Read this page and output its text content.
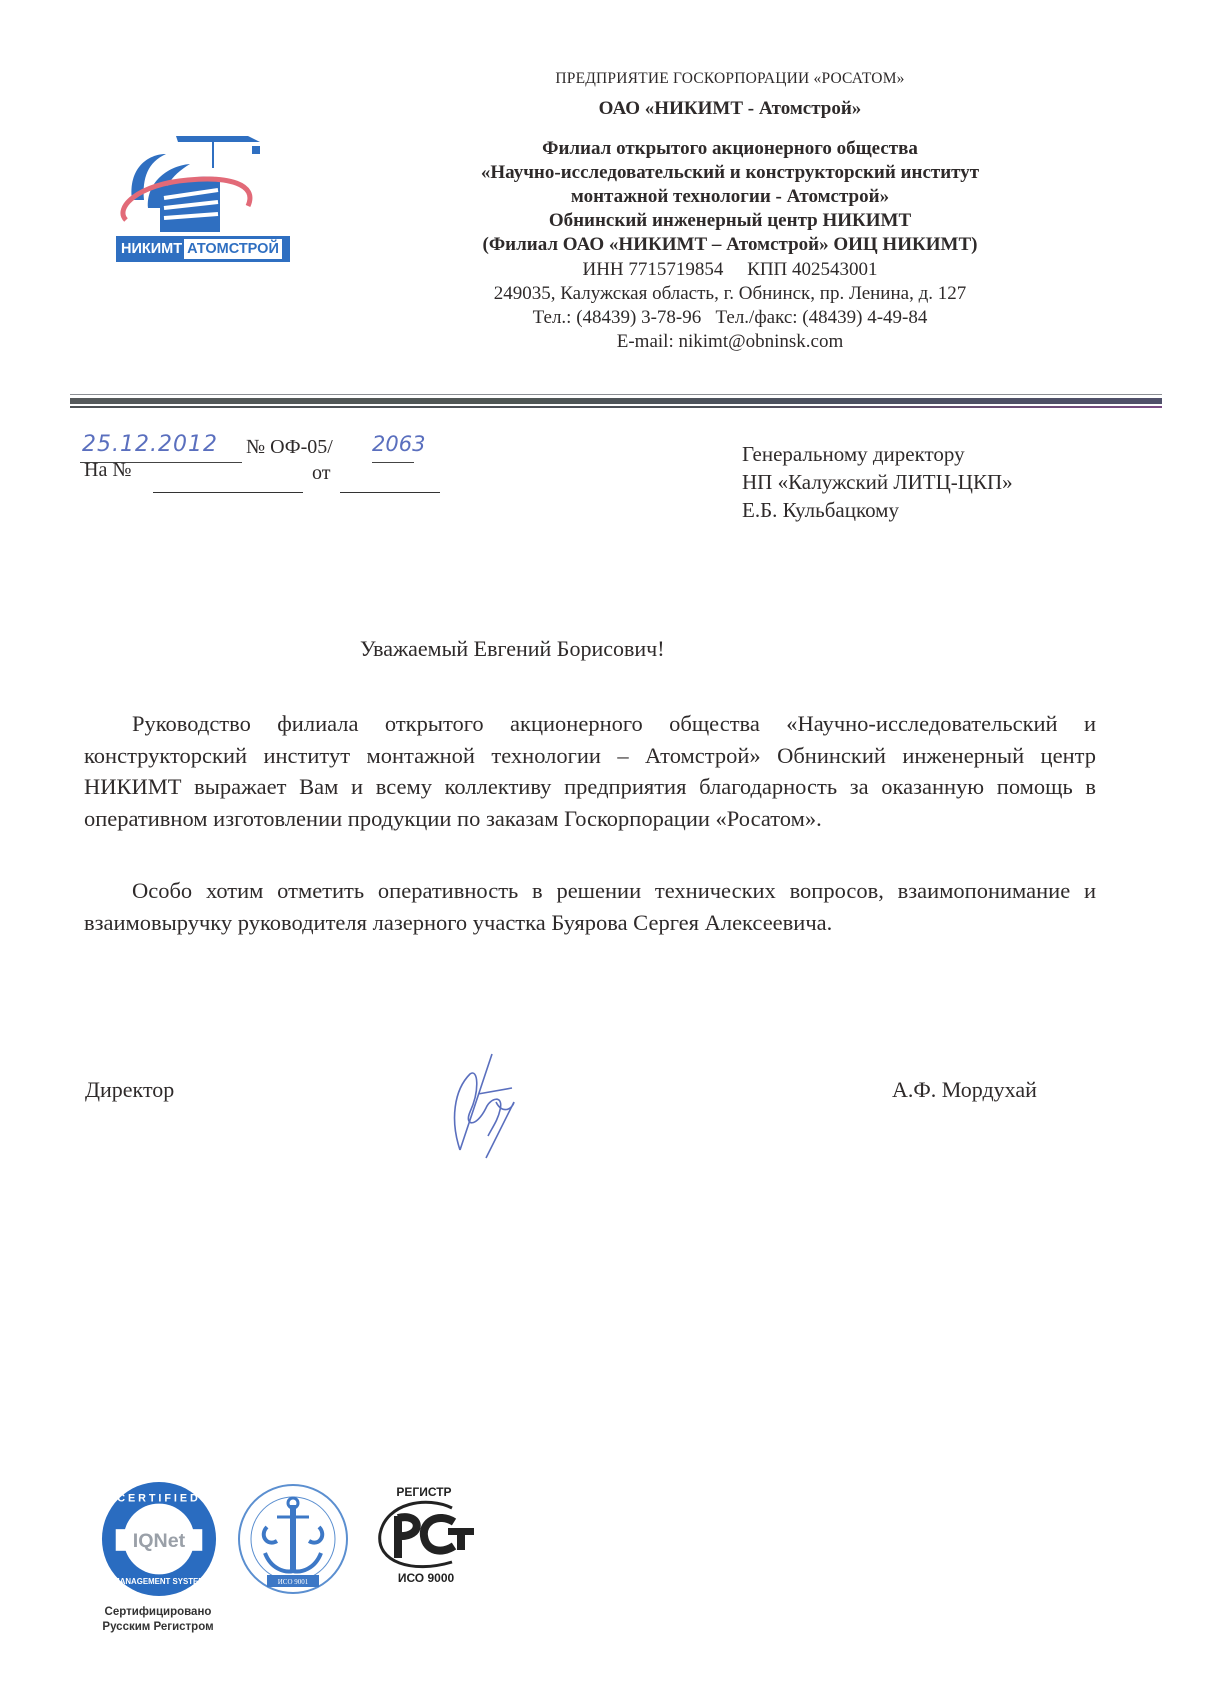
НИКИМТ АТОМСТРОЙ
ПРЕДПРИЯТИЕ ГОСКОРПОРАЦИИ «РОСАТОМ»
ОАО «НИКИМТ - Атомстрой»
Филиал открытого акционерного общества
«Научно-исследовательский и конструкторский институт
монтажной технологии - Атомстрой»
Обнинский инженерный центр НИКИМТ
(Филиал ОАО «НИКИМТ – Атомстрой» ОИЦ НИКИМТ)
ИНН 7715719854     КПП 402543001
249035, Калужская область, г. Обнинск, пр. Ленина, д. 127
Тел.: (48439) 3-78-96   Тел./факс: (48439) 4-49-84
E-mail: nikimt@obninsk.com
25.12.2012 № ОФ-05/ 2063
На №	от
Генеральному директору
НП «Калужский ЛИТЦ-ЦКП»
Е.Б. Кульбацкому
Уважаемый Евгений Борисович!

Руководство филиала открытого акционерного общества «Научно-исследовательский и конструкторский институт монтажной технологии – Атомстрой» Обнинский инженерный центр НИКИМТ выражает Вам и всему коллективу предприятия благодарность за оказанную помощь в оперативном изготовлении продукции по заказам Госкорпорации «Росатом».

Особо хотим отметить оперативность в решении технических вопросов, взаимопонимание и взаимовыручку руководителя лазерного участка Буярова Сергея Алексеевича.

Директор	А.Ф. Мордухай
IQNet
CERTIFIED
MANAGEMENT SYSTEM
Сертифицировано
Русским Регистром
ИСО 9001
РЕГИСТР
ИСО 9000
